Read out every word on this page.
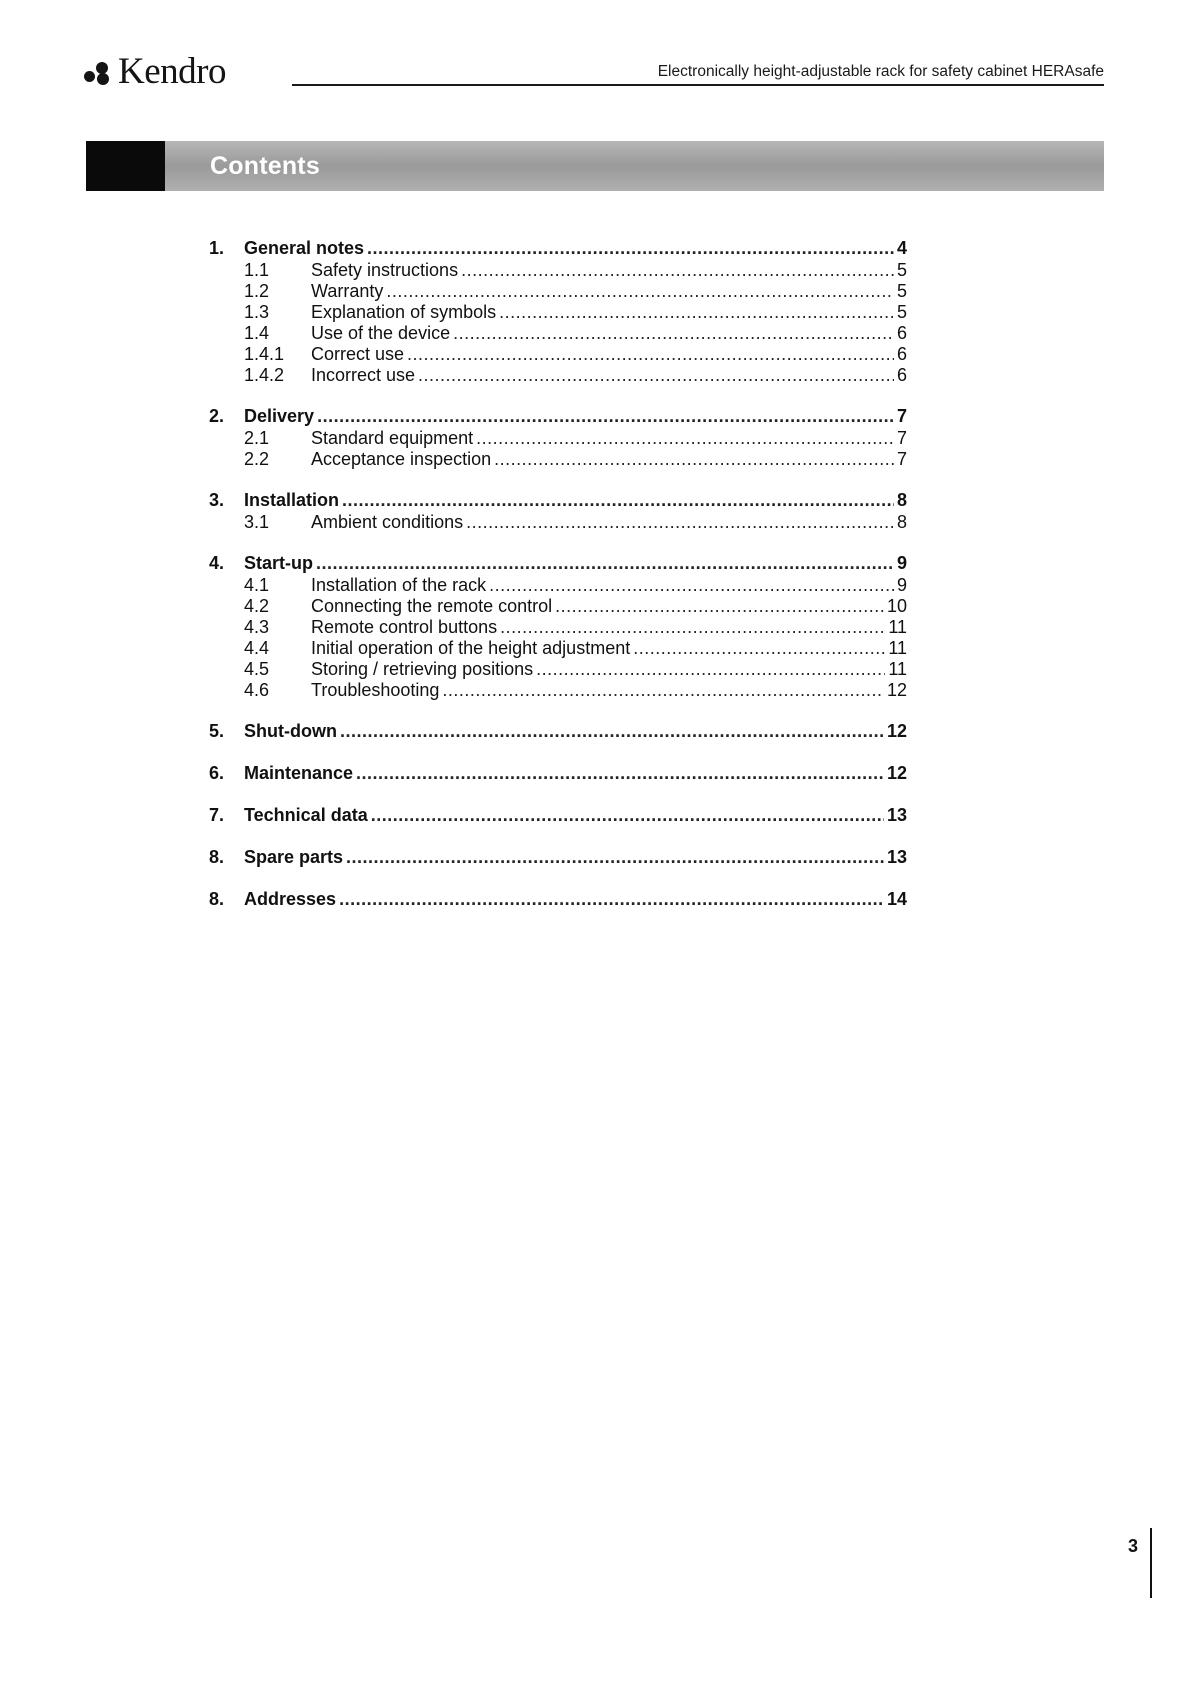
Kendro	Electronically height-adjustable rack for safety cabinet HERAsafe
Contents
1.	General notes .....	4
1.1	Safety instructions .....	5
1.2	Warranty .....	5
1.3	Explanation of symbols .....	5
1.4	Use of the device .....	6
1.4.1	Correct use .....	6
1.4.2	Incorrect use .....	6
2.	Delivery .....	7
2.1	Standard equipment .....	7
2.2	Acceptance inspection .....	7
3.	Installation .....	8
3.1	Ambient conditions .....	8
4.	Start-up .....	9
4.1	Installation of the rack .....	9
4.2	Connecting the remote control .....	10
4.3	Remote control buttons .....	11
4.4	Initial operation of the height adjustment .....	11
4.5	Storing / retrieving positions .....	11
4.6	Troubleshooting .....	12
5.	Shut-down .....	12
6.	Maintenance .....	12
7.	Technical data .....	13
8.	Spare parts .....	13
8.	Addresses .....	14
3
